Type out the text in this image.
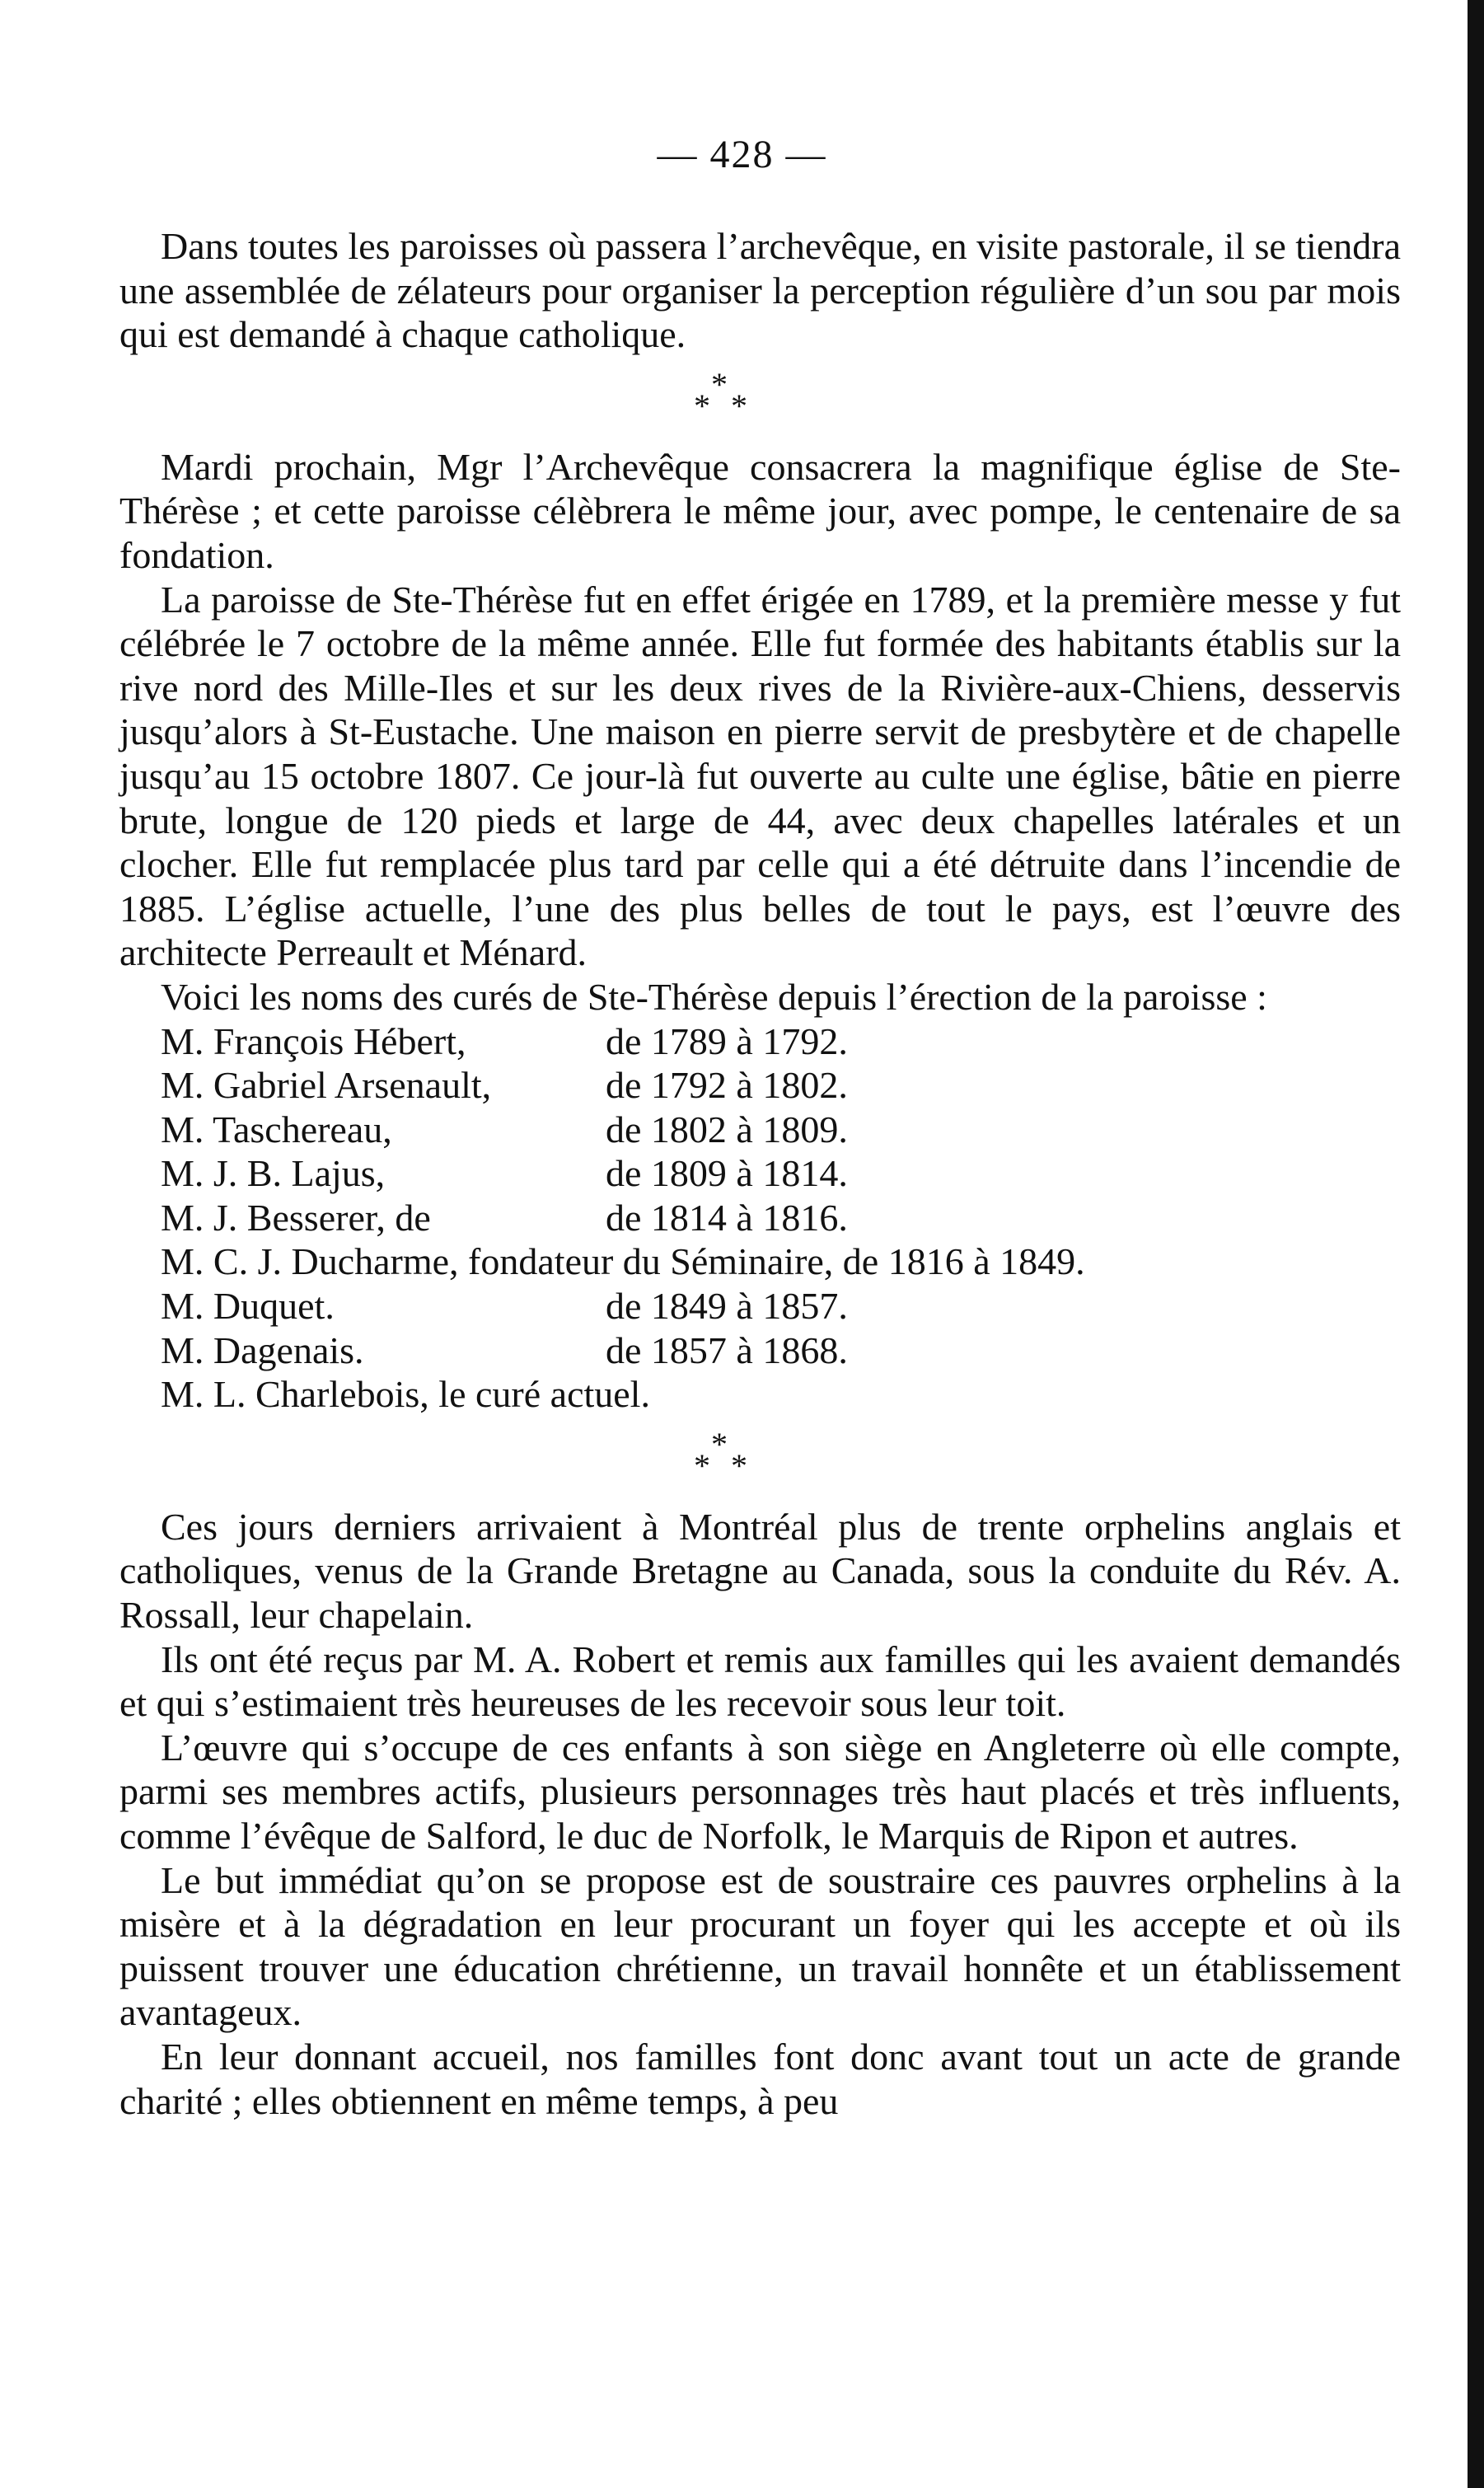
— 428 —

Dans toutes les paroisses où passera l’archevêque, en visite pastorale, il se tiendra une assemblée de zélateurs pour organiser la perception régulière d’un sou par mois qui est demandé à chaque catholique.

*
* *

Mardi prochain, Mgr l’Archevêque consacrera la magnifique église de Ste-Thérèse ; et cette paroisse célèbrera le même jour, avec pompe, le centenaire de sa fondation.

La paroisse de Ste-Thérèse fut en effet érigée en 1789, et la première messe y fut célébrée le 7 octobre de la même année. Elle fut formée des habitants établis sur la rive nord des Mille-Iles et sur les deux rives de la Rivière-aux-Chiens, desservis jusqu’alors à St-Eustache. Une maison en pierre servit de presbytère et de chapelle jusqu’au 15 octobre 1807. Ce jour-là fut ouverte au culte une église, bâtie en pierre brute, longue de 120 pieds et large de 44, avec deux chapelles latérales et un clocher. Elle fut remplacée plus tard par celle qui a été détruite dans l’incendie de 1885. L’église actuelle, l’une des plus belles de tout le pays, est l’œuvre des architecte Perreault et Ménard.

Voici les noms des curés de Ste-Thérèse depuis l’érection de la paroisse :

M. François Hébert,	de 1789 à 1792.
M. Gabriel Arsenault,	de 1792 à 1802.
M. Taschereau,	de 1802 à 1809.
M. J. B. Lajus,	de 1809 à 1814.
M. J. Besserer, de	de 1814 à 1816.
M. C. J. Ducharme, fondateur du Séminaire, de 1816 à 1849.
M. Duquet.	de 1849 à 1857.
M. Dagenais.	de 1857 à 1868.
M. L. Charlebois, le curé actuel.
*
* *

Ces jours derniers arrivaient à Montréal plus de trente orphelins anglais et catholiques, venus de la Grande Bretagne au Canada, sous la conduite du Rév. A. Rossall, leur chapelain.

Ils ont été reçus par M. A. Robert et remis aux familles qui les avaient demandés et qui s’estimaient très heureuses de les recevoir sous leur toit.

L’œuvre qui s’occupe de ces enfants à son siège en Angleterre où elle compte, parmi ses membres actifs, plusieurs personnages très haut placés et très influents, comme l’évêque de Salford, le duc de Norfolk, le Marquis de Ripon et autres.

Le but immédiat qu’on se propose est de soustraire ces pauvres orphelins à la misère et à la dégradation en leur procurant un foyer qui les accepte et où ils puissent trouver une éducation chrétienne, un travail honnête et un établissement avantageux.

En leur donnant accueil, nos familles font donc avant tout un acte de grande charité ; elles obtiennent en même temps, à peu
